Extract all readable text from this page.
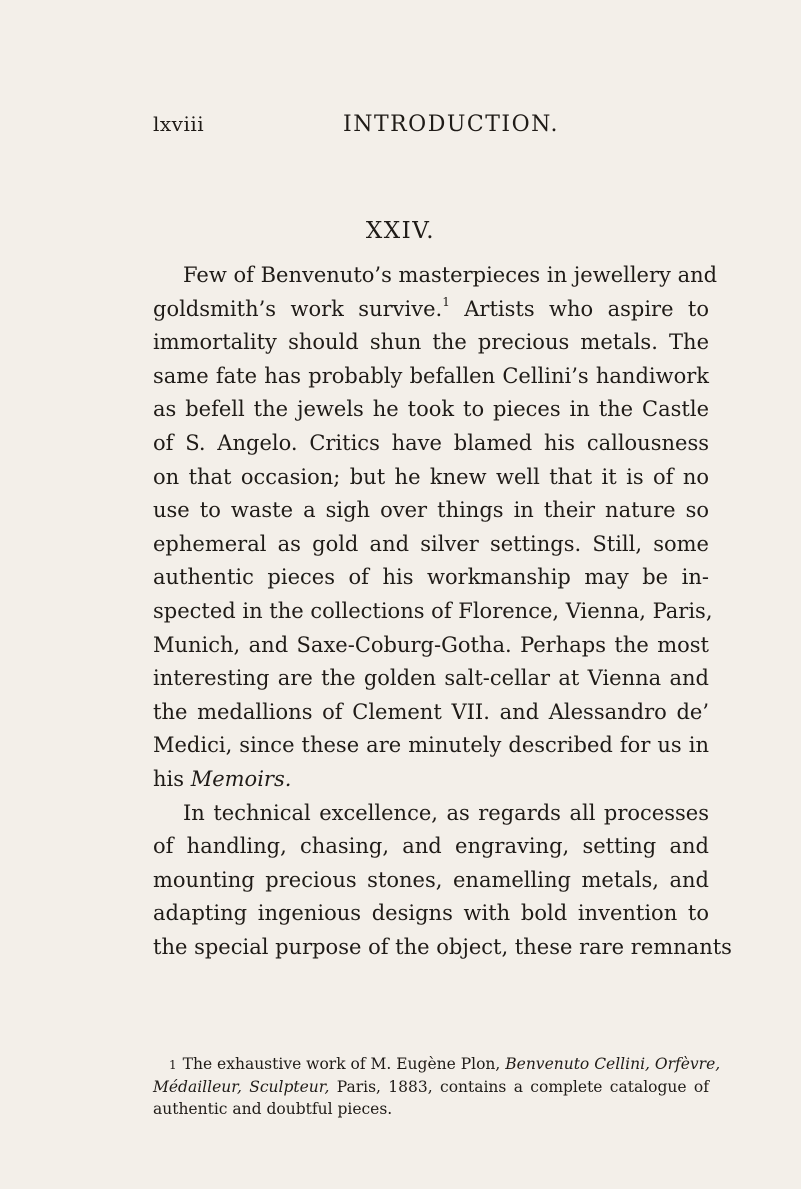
lxviii	INTRODUCTION.
XXIV.
Few of Benvenuto’s masterpieces in jewellery and
goldsmith’s work survive.$^1$ Artists who aspire to
immortality should shun the precious metals. The
same fate has probably befallen Cellini’s handiwork
as befell the jewels he took to pieces in the Castle
of S. Angelo. Critics have blamed his callousness
on that occasion; but he knew well that it is of no
use to waste a sigh over things in their nature so
ephemeral as gold and silver settings. Still, some
authentic pieces of his workmanship may be in-
spected in the collections of Florence, Vienna, Paris,
Munich, and Saxe-Coburg-Gotha. Perhaps the most
interesting are the golden salt-cellar at Vienna and
the medallions of Clement VII. and Alessandro de’
Medici, since these are minutely described for us in
his Memoirs.
In technical excellence, as regards all processes
of handling, chasing, and engraving, setting and
mounting precious stones, enamelling metals, and
adapting ingenious designs with bold invention to
the special purpose of the object, these rare remnants
1 The exhaustive work of M. Eugène Plon, Benvenuto Cellini, Orfèvre,
Médailleur, Sculpteur, Paris, 1883, contains a complete catalogue of
authentic and doubtful pieces.
